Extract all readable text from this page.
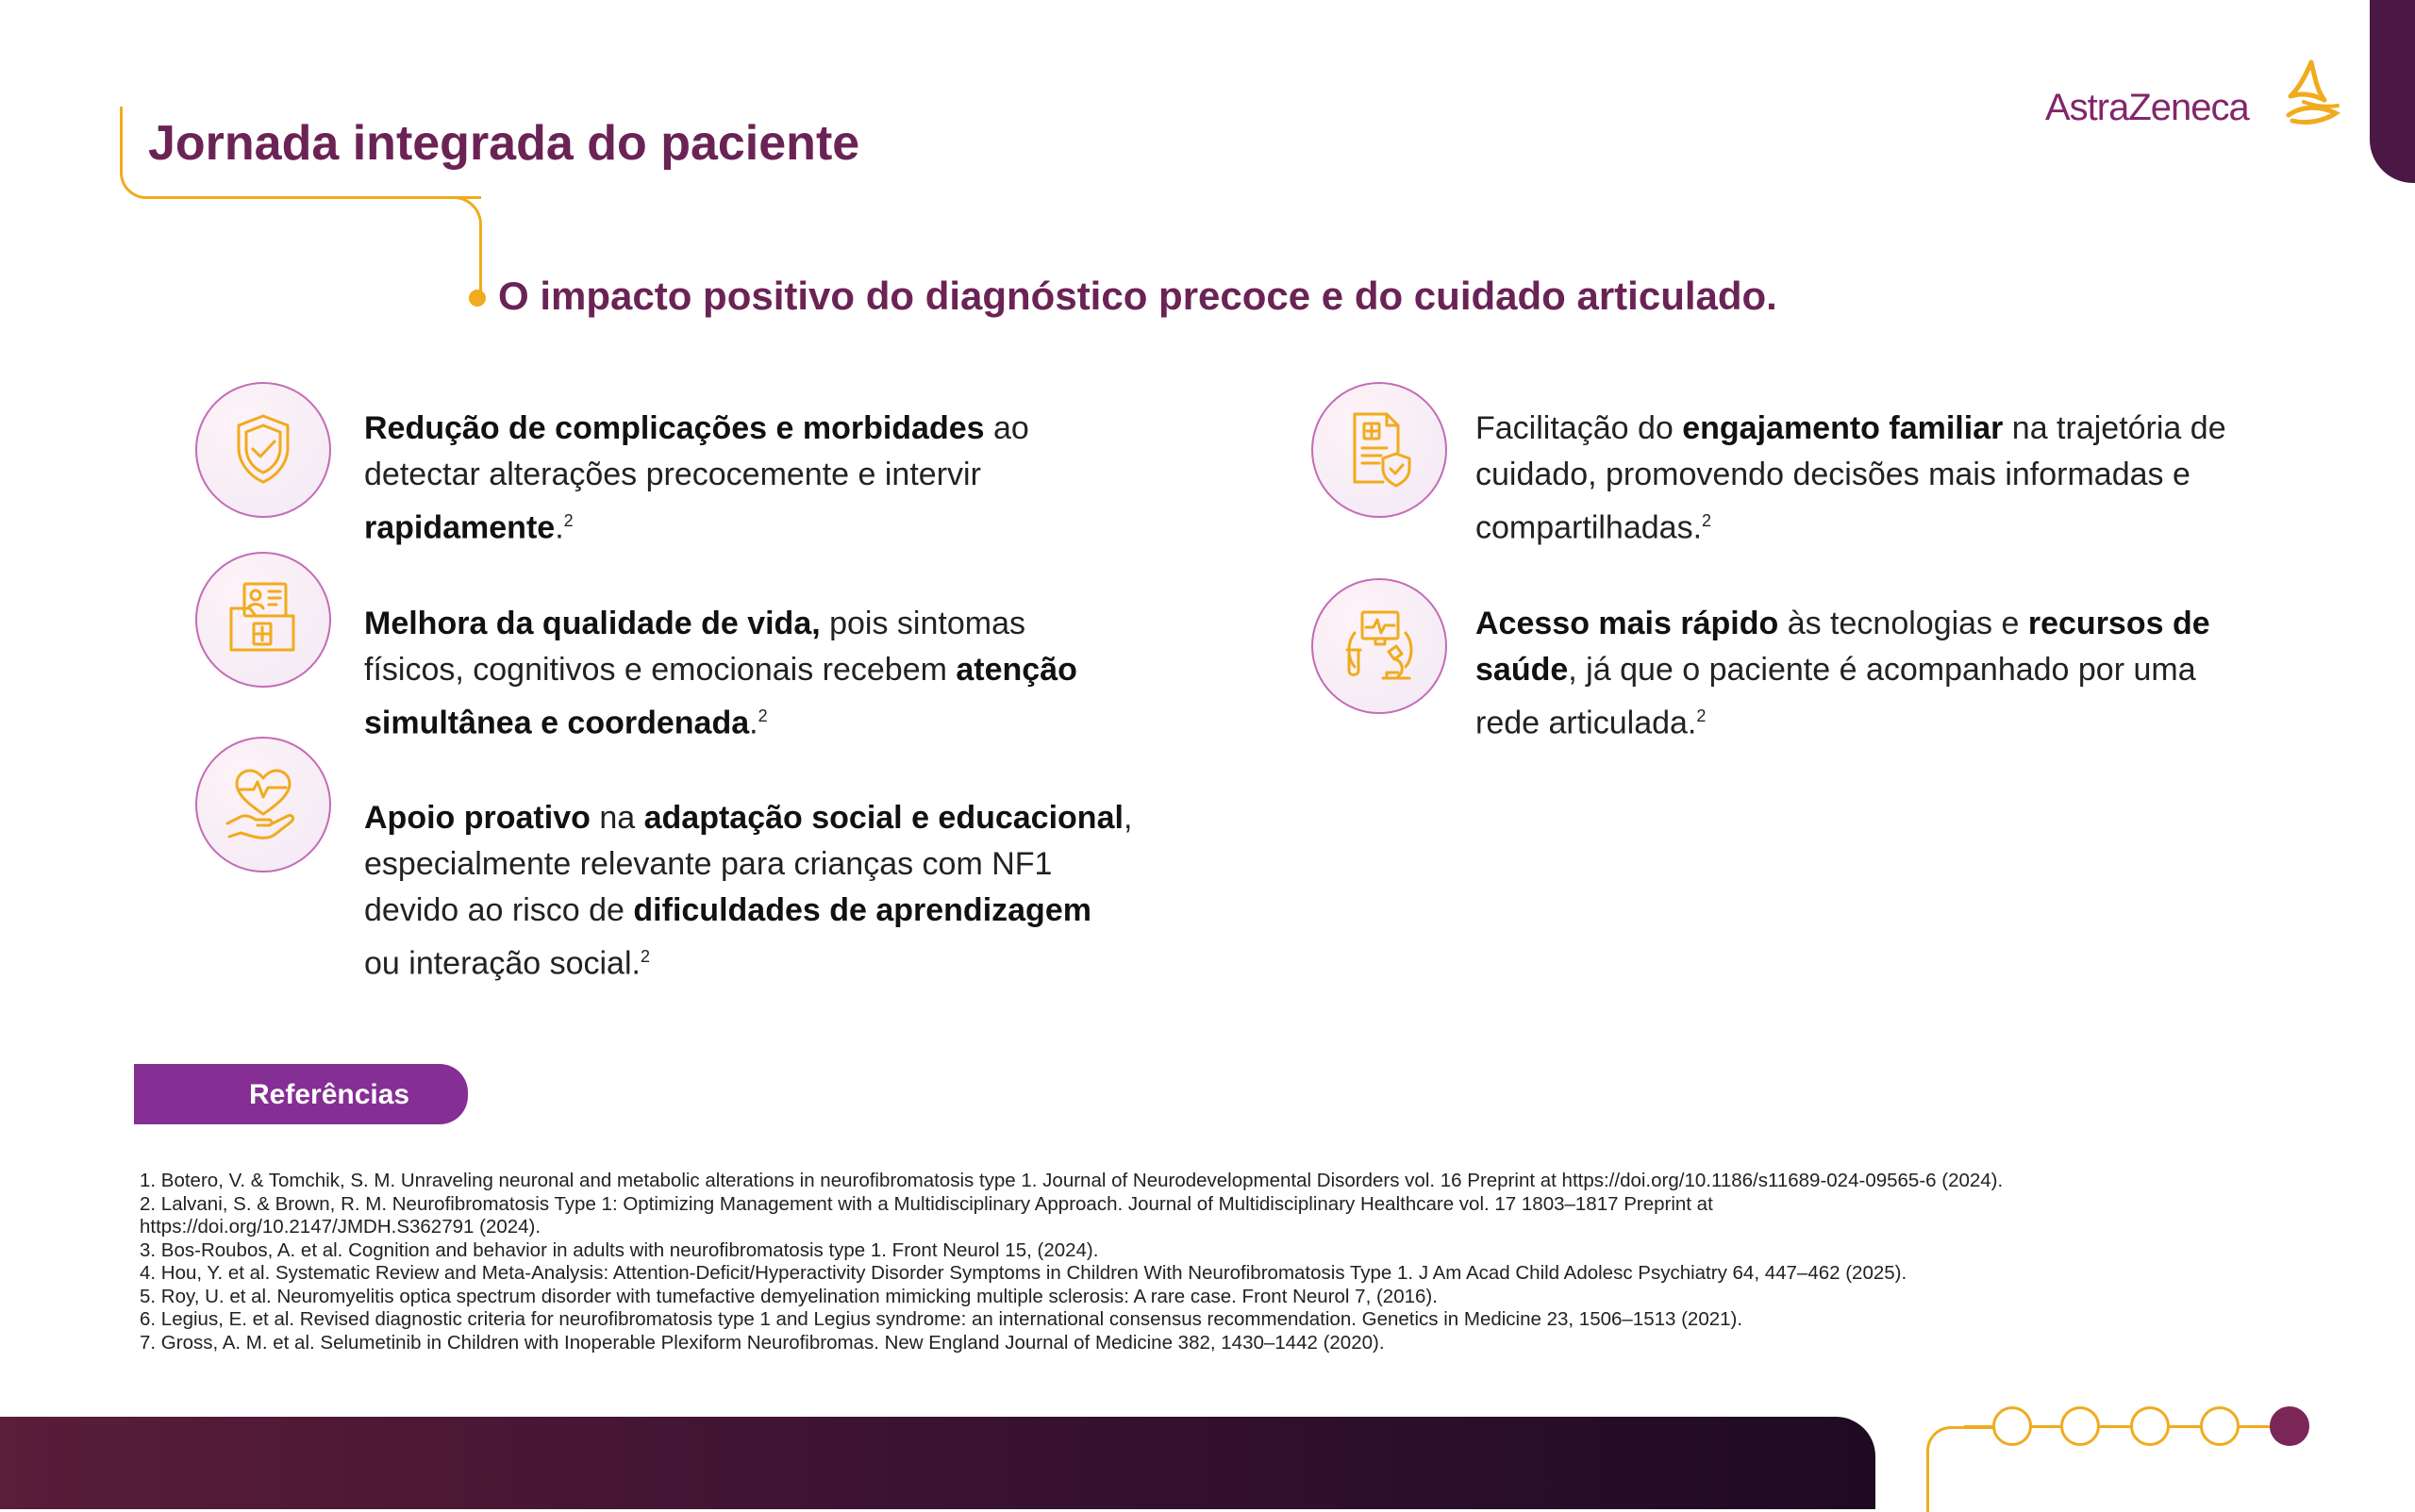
Jornada integrada do paciente
O impacto positivo do diagnóstico precoce e do cuidado articulado.
AstraZeneca
Redução de complicações e morbidades ao
detectar alterações precocemente e intervir
rapidamente.$^2$
Melhora da qualidade de vida, pois sintomas
físicos, cognitivos e emocionais recebem atenção
simultânea e coordenada.$^2$
Apoio proativo na adaptação social e educacional,
especialmente relevante para crianças com NF1
devido ao risco de dificuldades de aprendizagem
ou interação social.$^2$
Facilitação do engajamento familiar na trajetória de
cuidado, promovendo decisões mais informadas e
compartilhadas.$^2$
Acesso mais rápido às tecnologias e recursos de
saúde, já que o paciente é acompanhado por uma
rede articulada.$^2$
Referências
1. Botero, V. & Tomchik, S. M. Unraveling neuronal and metabolic alterations in neurofibromatosis type 1. Journal of Neurodevelopmental Disorders vol. 16 Preprint at https://doi.org/10.1186/s11689-024-09565-6 (2024).
2. Lalvani, S. & Brown, R. M. Neurofibromatosis Type 1: Optimizing Management with a Multidisciplinary Approach. Journal of Multidisciplinary Healthcare vol. 17 1803–1817 Preprint at
https://doi.org/10.2147/JMDH.S362791 (2024).
3. Bos-Roubos, A. et al. Cognition and behavior in adults with neurofibromatosis type 1. Front Neurol 15, (2024).
4. Hou, Y. et al. Systematic Review and Meta-Analysis: Attention-Deficit/Hyperactivity Disorder Symptoms in Children With Neurofibromatosis Type 1. J Am Acad Child Adolesc Psychiatry 64, 447–462 (2025).
5. Roy, U. et al. Neuromyelitis optica spectrum disorder with tumefactive demyelination mimicking multiple sclerosis: A rare case. Front Neurol 7, (2016).
6. Legius, E. et al. Revised diagnostic criteria for neurofibromatosis type 1 and Legius syndrome: an international consensus recommendation. Genetics in Medicine 23, 1506–1513 (2021).
7. Gross, A. M. et al. Selumetinib in Children with Inoperable Plexiform Neurofibromas. New England Journal of Medicine 382, 1430–1442 (2020).
